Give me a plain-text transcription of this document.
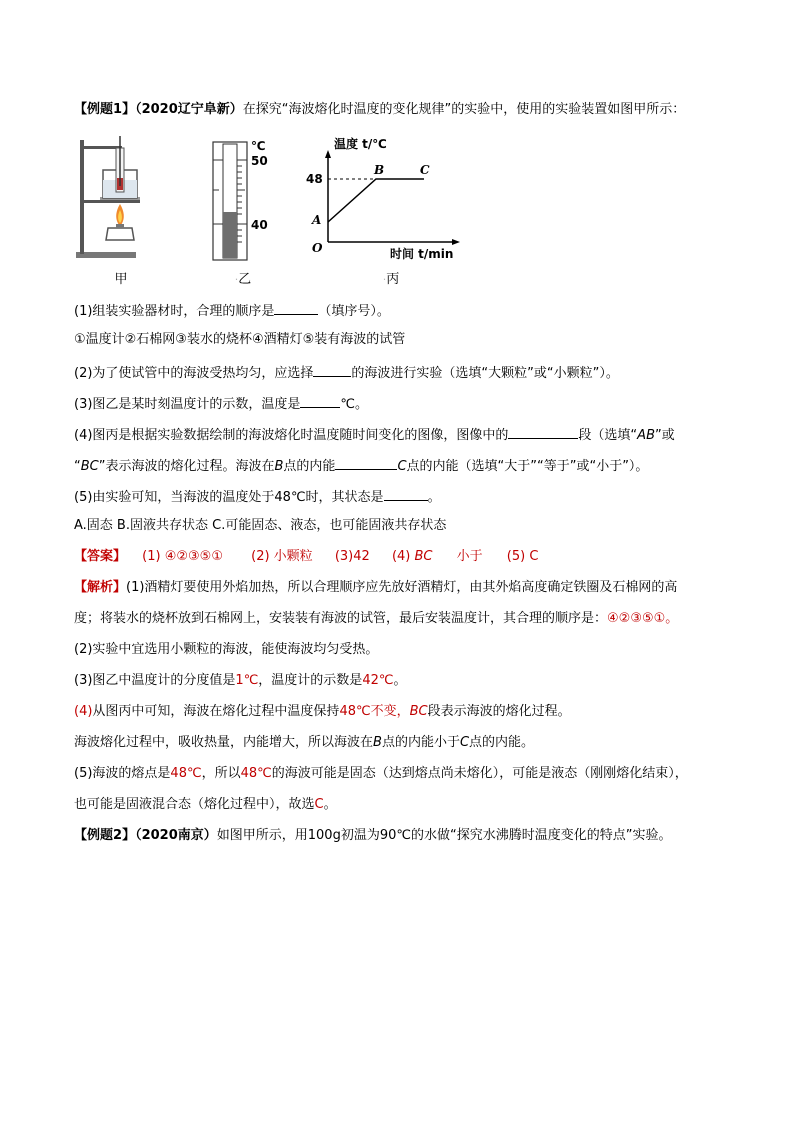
【例题1】（2020辽宁阜新）在探究“海波熔化时温度的变化规律”的实验中，使用的实验装置如图甲所示：
甲
℃
50
40
·乙
温度 t/℃
48
A
B	C
O	时间 t/min
·丙
(1)组装实验器材时，合理的顺序是	（填序号）。
①温度计②石棉网③装水的烧杯④酒精灯⑤装有海波的试管
(2)为了使试管中的海波受热均匀，应选择	的海波进行实验（选填“大颗粒”或“小颗粒”）。
(3)图乙是某时刻温度计的示数，温度是	℃。
(4)图丙是根据实验数据绘制的海波熔化时温度随时间变化的图像，图像中的	段（选填“AB”或
“BC”表示海波的熔化过程。海波在B点的内能	C点的内能（选填“大于”“等于”或“小于”）。
(5)由实验可知，当海波的温度处于48℃时，其状态是	。
A.固态 B.固液共存状态 C.可能固态、液态，也可能固液共存状态
【答案】 (1) ④②③⑤① (2) 小颗粒 (3)42 (4) BC 小于 (5) C
【解析】(1)酒精灯要使用外焰加热，所以合理顺序应先放好酒精灯，由其外焰高度确定铁圈及石棉网的高
度；将装水的烧杯放到石棉网上，安装装有海波的试管，最后安装温度计，其合理的顺序是：④②③⑤①。
(2)实验中宜选用小颗粒的海波，能使海波均匀受热。
(3)图乙中温度计的分度值是1℃，温度计的示数是42℃。
(4)从图丙中可知，海波在熔化过程中温度保持48℃不变，BC段表示海波的熔化过程。
海波熔化过程中，吸收热量，内能增大，所以海波在B点的内能小于C点的内能。
(5)海波的熔点是48℃，所以48℃的海波可能是固态（达到熔点尚未熔化），可能是液态（刚刚熔化结束），
也可能是固液混合态（熔化过程中），故选C。
【例题2】（2020南京）如图甲所示，用100g初温为90℃的水做“探究水沸腾时温度变化的特点”实验。
